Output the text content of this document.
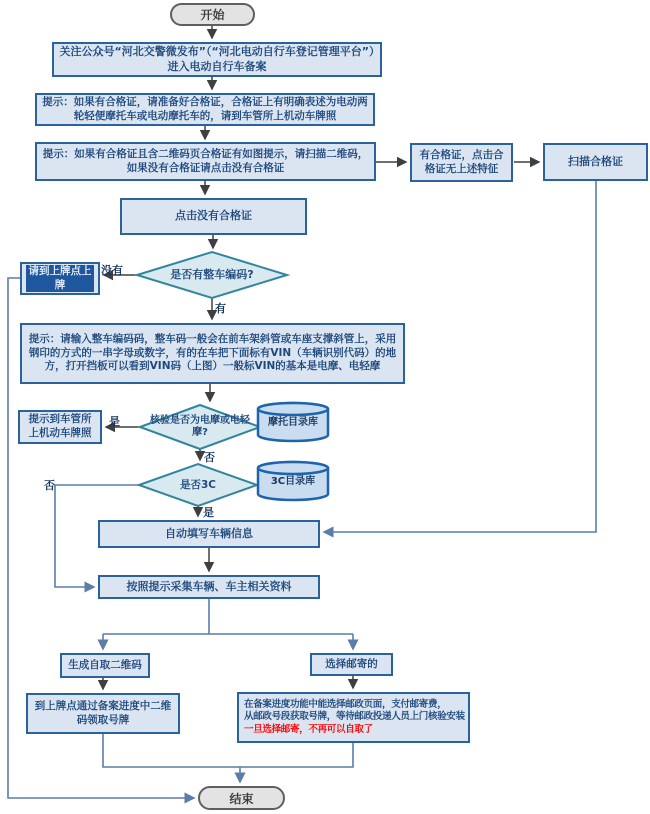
开始
结束
关注公众号“河北交警微发布”（“河北电动自行车登记管理平台”）进入电动自行车备案
提示：如果有合格证，请准备好合格证，合格证上有明确表述为电动两轮轻便摩托车或电动摩托车的，请到车管所上机动车牌照
提示：如果有合格证且含二维码页合格证有如图提示，请扫描二维码，如果没有合格证请点击没有合格证
有合格证，点击合格证无上述特征
扫描合格证
点击没有合格证
请到上牌点上牌
提示：请输入整车编码码，整车码一般会在前车架斜管或车座支撑斜管上，采用钢印的方式的一串字母或数字，有的在车把下面标有VIN（车辆识别代码）的地方，打开挡板可以看到VIN码（上图）一般标VIN的基本是电摩、电轻摩
提示到车管所上机动车牌照
自动填写车辆信息
按照提示采集车辆、车主相关资料
生成自取二维码
到上牌点通过备案进度中二维码领取号牌
选择邮寄的
在备案进度功能中能选择邮政页面，支付邮寄费，
从邮政号段获取号牌，等待邮政投递人员上门核验安装
一旦选择邮寄，不再可以自取了
是否有整车编码?
核验是否为电摩或电轻摩?
是否3C
摩托目录库
3C目录库
没有
有
是
否
否
是
